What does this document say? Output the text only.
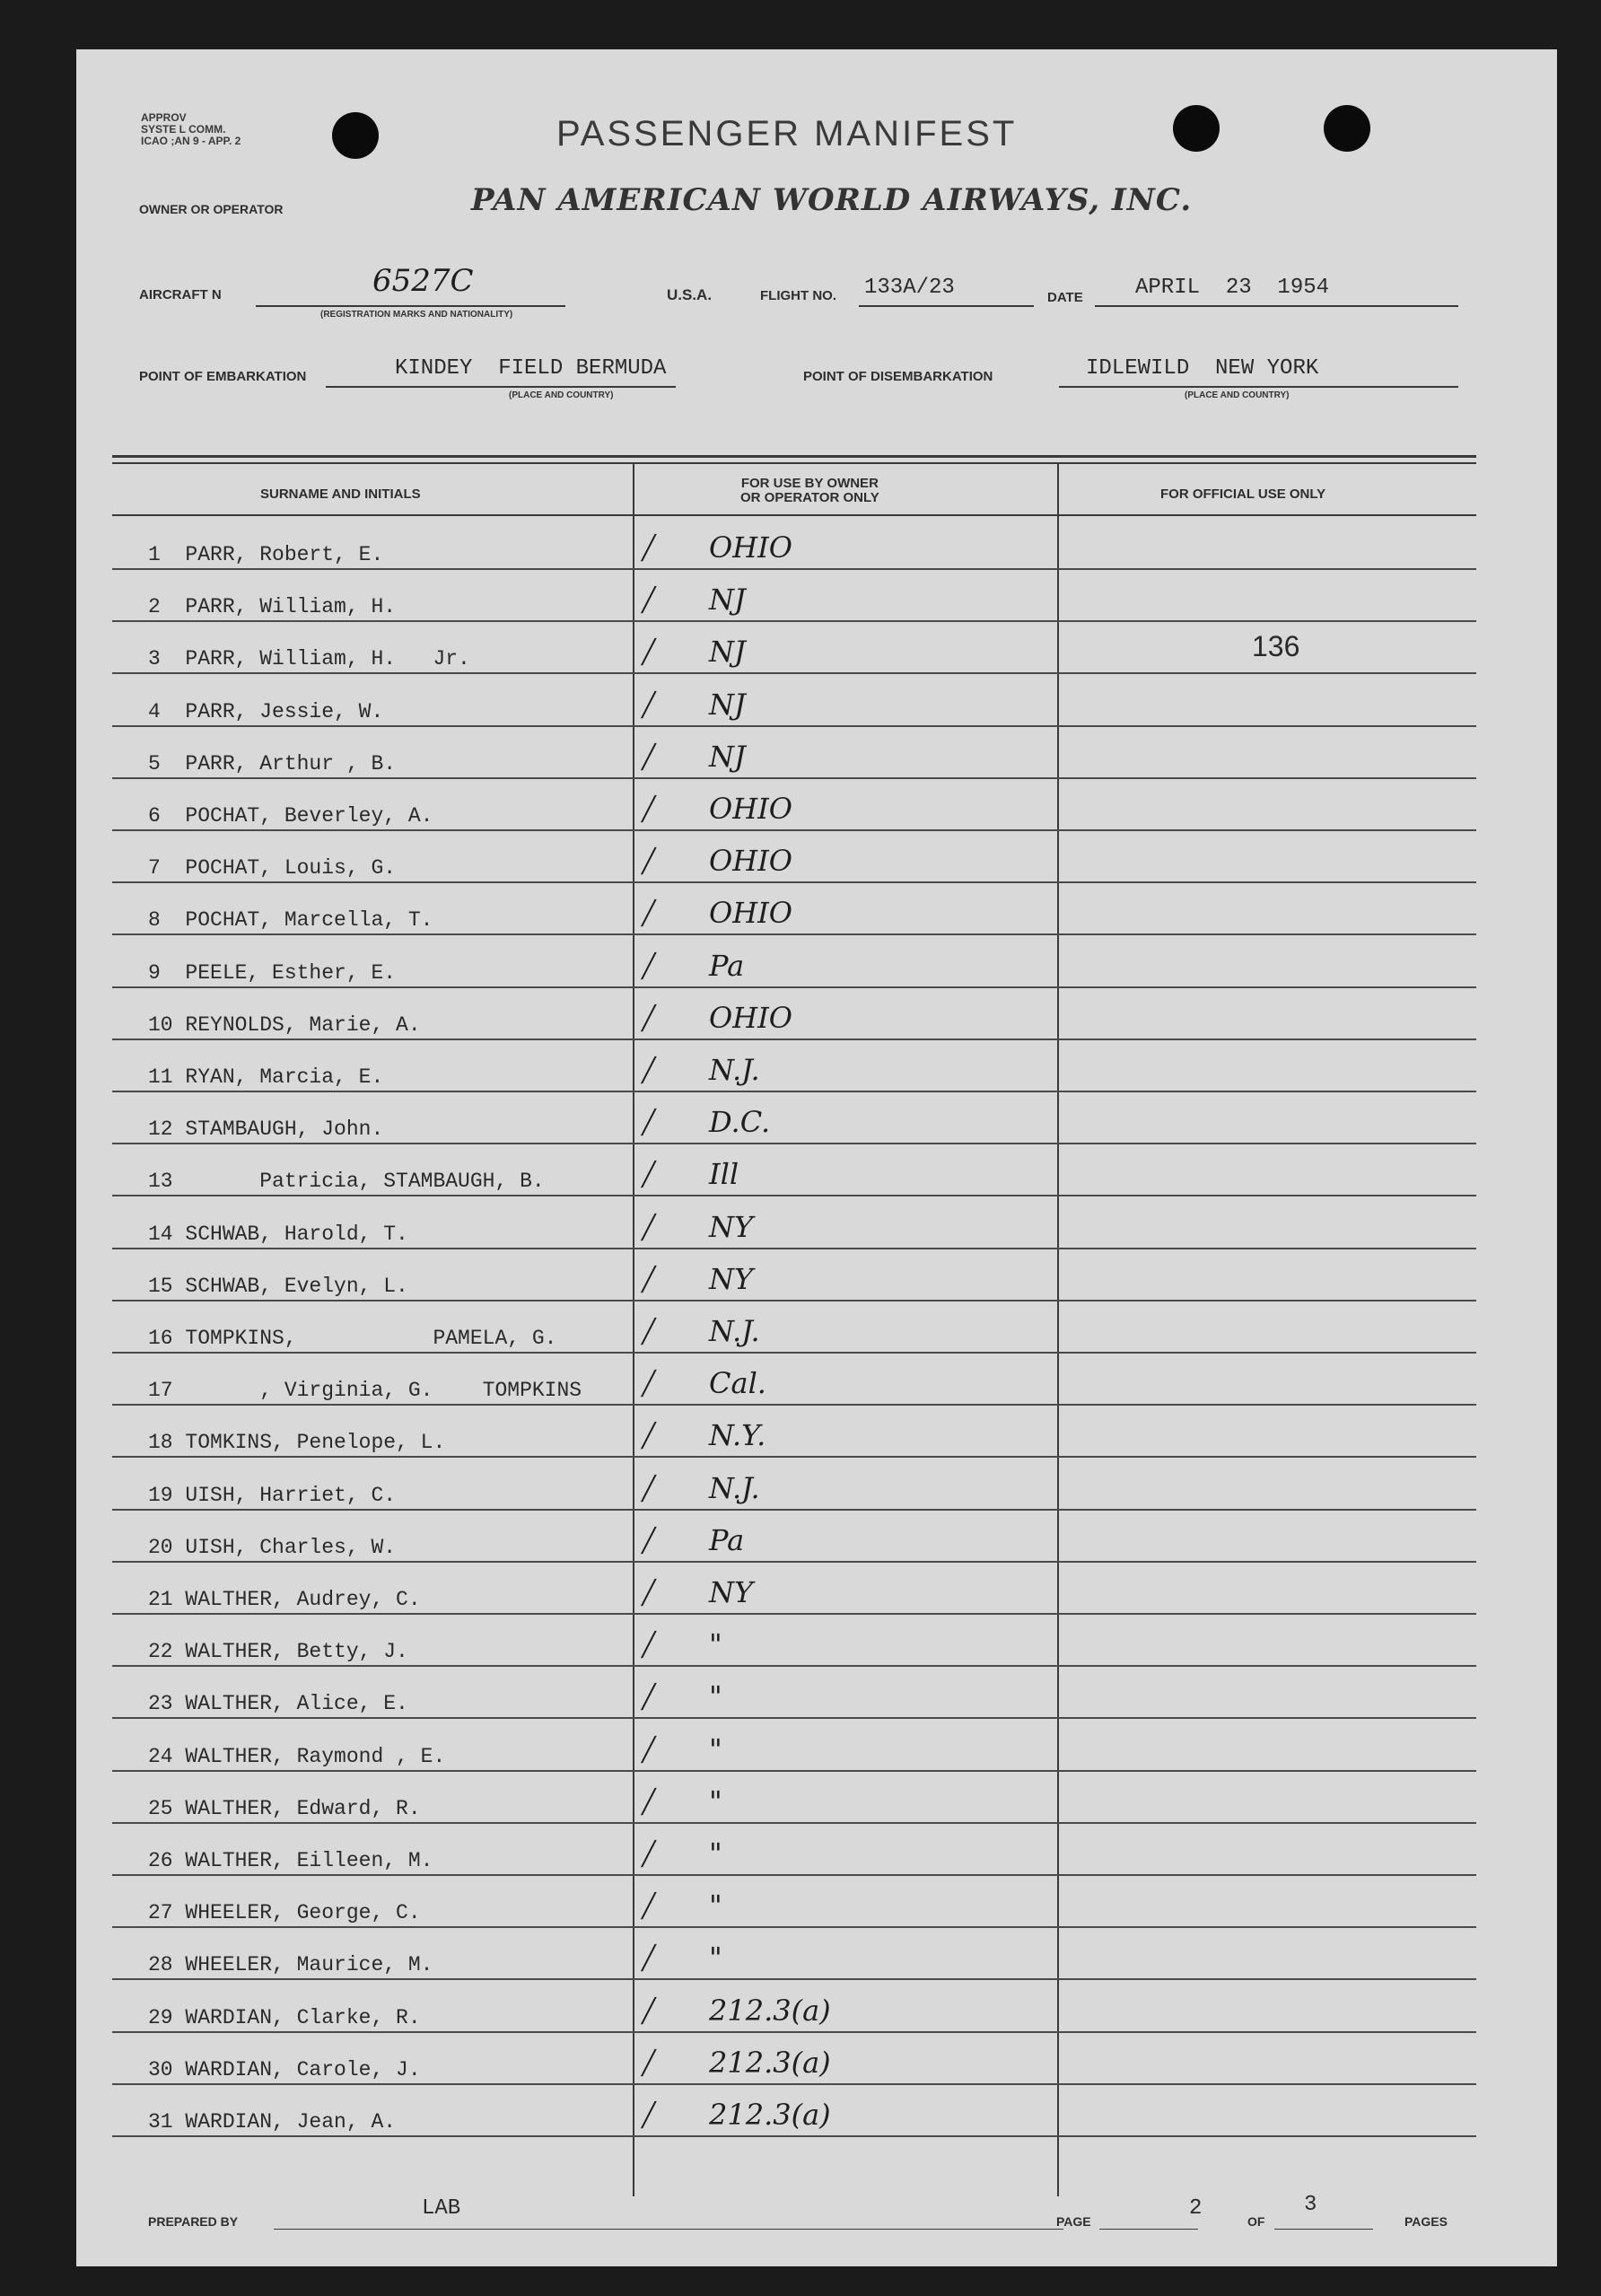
APPROV
SYSTE L COMM.
ICAO ;AN 9 - APP. 2	PASSENGER MANIFEST
OWNER OR OPERATOR	PAN AMERICAN WORLD AIRWAYS, INC.
AIRCRAFT N	6527C
(REGISTRATION MARKS AND NATIONALITY)
U.S.A.	FLIGHT NO. 133A/23	DATE APRIL  23  1954
POINT OF EMBARKATION	KINDEY  FIELD BERMUDA
(PLACE AND COUNTRY)
POINT OF DISEMBARKATION	IDLEWILD  NEW YORK
(PLACE AND COUNTRY)
SURNAME AND INITIALS
FOR USE BY OWNER
OR OPERATOR ONLY	FOR OFFICIAL USE ONLY
1  PARR, Robert, E.	╱ OHIO
2  PARR, William, H.	╱ NJ
3  PARR, William, H.   Jr.	╱ NJ	136
4  PARR, Jessie, W.	╱ NJ
5  PARR, Arthur , B.	╱ NJ
6  POCHAT, Beverley, A.	╱ OHIO
7  POCHAT, Louis, G.	╱ OHIO
8  POCHAT, Marcella, T.	╱ OHIO
9  PEELE, Esther, E.	╱ Pa
10 REYNOLDS, Marie, A.	╱ OHIO
11 RYAN, Marcia, E.	╱ N.J.
12 STAMBAUGH, John.	╱ D.C.
13       Patricia, STAMBAUGH, B.	╱ Ill
14 SCHWAB, Harold, T.	╱ NY
15 SCHWAB, Evelyn, L.	╱ NY
16 TOMPKINS,           PAMELA, G.	╱ N.J.
17       , Virginia, G.    TOMPKINS	╱ Cal.
18 TOMKINS, Penelope, L.	╱ N.Y.
19 UISH, Harriet, C.	╱ N.J.
20 UISH, Charles, W.	╱ Pa
21 WALTHER, Audrey, C.	╱ NY
22 WALTHER, Betty, J.	╱ "
23 WALTHER, Alice, E.	╱ "
24 WALTHER, Raymond , E.	╱ "
25 WALTHER, Edward, R.	╱ "
26 WALTHER, Eilleen, M.	╱ "
27 WHEELER, George, C.	╱ "
28 WHEELER, Maurice, M.	╱ "
29 WARDIAN, Clarke, R.	╱ 212.3(a)
30 WARDIAN, Carole, J.	╱ 212.3(a)
31 WARDIAN, Jean, A.	╱ 212.3(a)
PREPARED BY
LAB
PAGE
2
OF
3
PAGES
